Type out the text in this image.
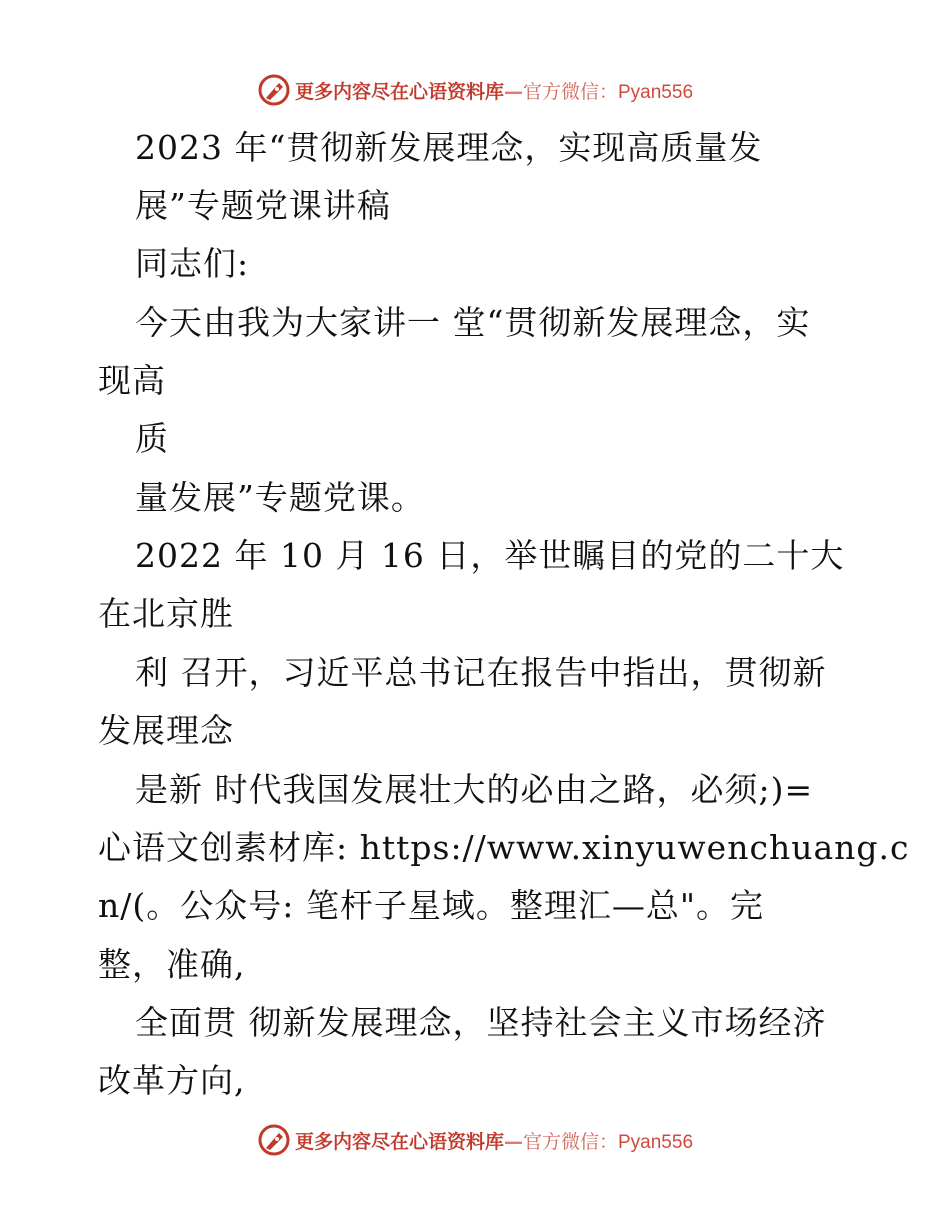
更多内容尽在心语资料库—官方微信：Pyan556
2023 年“贯彻新发展理念，实现高质量发
展”专题党课讲稿
同志们:
今天由我为大家讲一 堂“贯彻新发展理念，实
现高
质
量发展”专题党课。
2022 年 10 月 16 日，举世瞩目的党的二十大
在北京胜
利 召开，习近平总书记在报告中指出，贯彻新
发展理念
是新 时代我国发展壮大的必由之路，必须;)=
心语文创素材库: https://www.xinyuwenchuang.c
n/(。公众号: 笔杆子星域。整理汇—总"。完
整，准确,
全面贯 彻新发展理念，坚持社会主义市场经济
改革方向,
更多内容尽在心语资料库—官方微信：Pyan556
